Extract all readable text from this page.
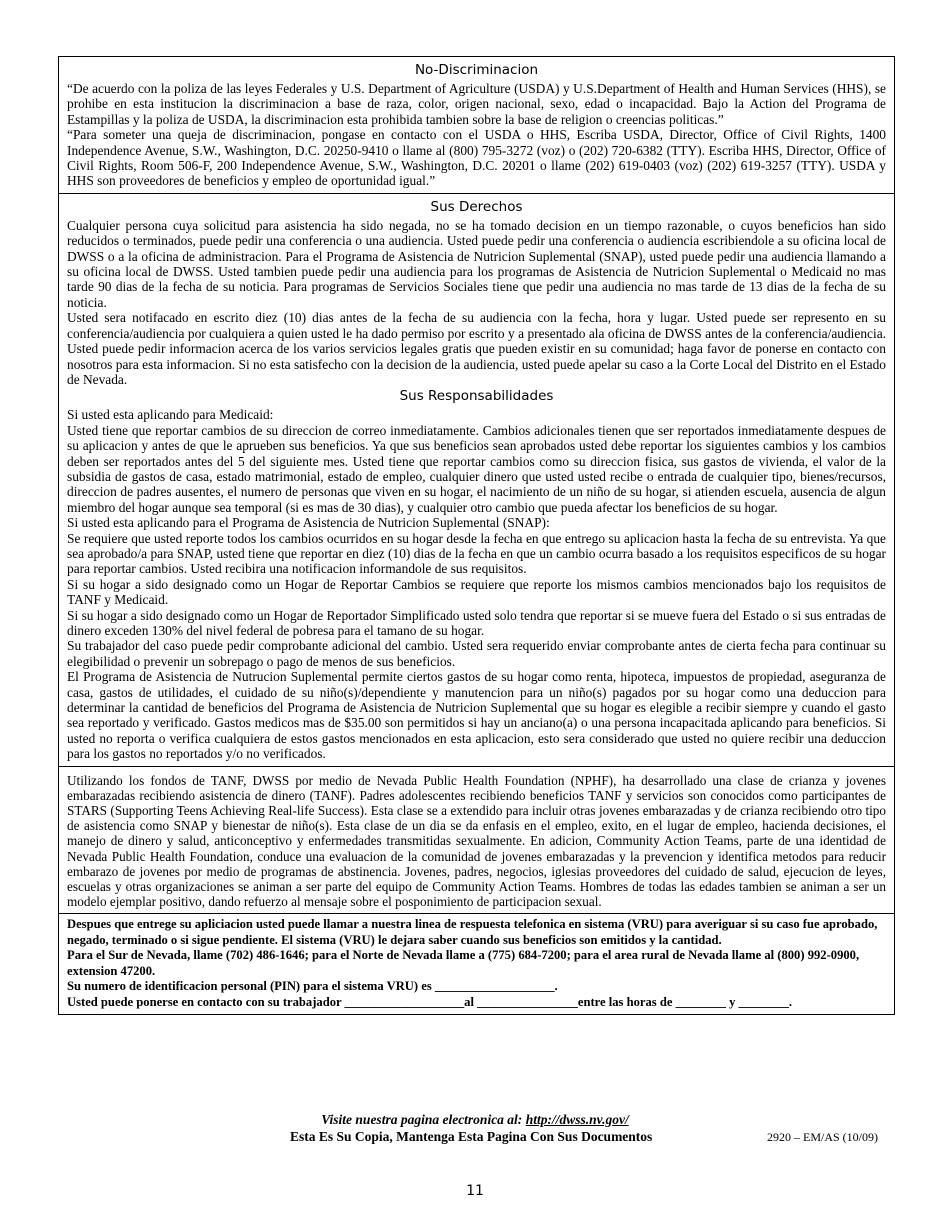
No-Discriminacion

“De acuerdo con la poliza de las leyes Federales y U.S. Department of Agriculture (USDA) y U.S.Department of Health and Human Services (HHS), se prohibe en esta institucion la discriminacion a base de raza, color, origen nacional, sexo, edad o incapacidad. Bajo la Action del Programa de Estampillas y la poliza de USDA, la discriminacion esta prohibida tambien sobre la base de religion o creencias politicas.”

“Para someter una queja de discriminacion, pongase en contacto con el USDA o HHS, Escriba USDA, Director, Office of Civil Rights, 1400 Independence Avenue, S.W., Washington, D.C. 20250-9410 o llame al (800) 795-3272 (voz) o (202) 720-6382 (TTY). Escriba HHS, Director, Office of Civil Rights, Room 506-F, 200 Independence Avenue, S.W., Washington, D.C. 20201 o llame (202) 619-0403 (voz) (202) 619-3257 (TTY). USDA y HHS son proveedores de beneficios y empleo de oportunidad igual.”

Sus Derechos

Cualquier persona cuya solicitud para asistencia ha sido negada, no se ha tomado decision en un tiempo razonable, o cuyos beneficios han sido reducidos o terminados, puede pedir una conferencia o una audiencia. Usted puede pedir una conferencia o audiencia escribiendole a su oficina local de DWSS o a la oficina de administracion. Para el Programa de Asistencia de Nutricion Suplemental (SNAP), usted puede pedir una audiencia llamando a su oficina local de DWSS. Usted tambien puede pedir una audiencia para los programas de Asistencia de Nutricion Suplemental o Medicaid no mas tarde 90 dias de la fecha de su noticia. Para programas de Servicios Sociales tiene que pedir una audiencia no mas tarde de 13 dias de la fecha de su noticia.

Usted sera notifacado en escrito diez (10) dias antes de la fecha de su audiencia con la fecha, hora y lugar. Usted puede ser represento en su conferencia/audiencia por cualquiera a quien usted le ha dado permiso por escrito y a presentado ala oficina de DWSS antes de la conferencia/audiencia. Usted puede pedir informacion acerca de los varios servicios legales gratis que pueden existir en su comunidad; haga favor de ponerse en contacto con nosotros para esta informacion. Si no esta satisfecho con la decision de la audiencia, usted puede apelar su caso a la Corte Local del Distrito en el Estado de Nevada.

Sus Responsabilidades

Si usted esta aplicando para Medicaid:

Usted tiene que reportar cambios de su direccion de correo inmediatamente. Cambios adicionales tienen que ser reportados inmediatamente despues de su aplicacion y antes de que le aprueben sus beneficios. Ya que sus beneficios sean aprobados usted debe reportar los siguientes cambios y los cambios deben ser reportados antes del 5 del siguiente mes. Usted tiene que reportar cambios como su direccion fisica, sus gastos de vivienda, el valor de la subsidia de gastos de casa, estado matrimonial, estado de empleo, cualquier dinero que usted usted recibe o entrada de cualquier tipo, bienes/recursos, direccion de padres ausentes, el numero de personas que viven en su hogar, el nacimiento de un niño de su hogar, si atienden escuela, ausencia de algun miembro del hogar aunque sea temporal (si es mas de 30 dias), y cualquier otro cambio que pueda afectar los beneficios de su hogar.

Si usted esta aplicando para el Programa de Asistencia de Nutricion Suplemental (SNAP):

Se requiere que usted reporte todos los cambios ocurridos en su hogar desde la fecha en que entrego su aplicacion hasta la fecha de su entrevista. Ya que sea aprobado/a para SNAP, usted tiene que reportar en diez (10) dias de la fecha en que un cambio ocurra basado a los requisitos especificos de su hogar para reportar cambios. Usted recibira una notificacion informandole de sus requisitos.

Si su hogar a sido designado como un Hogar de Reportar Cambios se requiere que reporte los mismos cambios mencionados bajo los requisitos de TANF y Medicaid.

Si su hogar a sido designado como un Hogar de Reportador Simplificado usted solo tendra que reportar si se mueve fuera del Estado o si sus entradas de dinero exceden 130% del nivel federal de pobresa para el tamano de su hogar.

Su trabajador del caso puede pedir comprobante adicional del cambio. Usted sera requerido enviar comprobante antes de cierta fecha para continuar su elegibilidad o prevenir un sobrepago o pago de menos de sus beneficios.

El Programa de Asistencia de Nutrucion Suplemental permite ciertos gastos de su hogar como renta, hipoteca, impuestos de propiedad, aseguranza de casa, gastos de utilidades, el cuidado de su niño(s)/dependiente y manutencion para un niño(s) pagados por su hogar como una deduccion para determinar la cantidad de beneficios del Programa de Asistencia de Nutricion Suplemental que su hogar es elegible a recibir siempre y cuando el gasto sea reportado y verificado. Gastos medicos mas de $35.00 son permitidos si hay un anciano(a) o una persona incapacitada aplicando para beneficios. Si usted no reporta o verifica cualquiera de estos gastos mencionados en esta aplicacion, esto sera considerado que usted no quiere recibir una deduccion para los gastos no reportados y/o no verificados.

Utilizando los fondos de TANF, DWSS por medio de Nevada Public Health Foundation (NPHF), ha desarrollado una clase de crianza y jovenes embarazadas recibiendo asistencia de dinero (TANF). Padres adolescentes recibiendo beneficios TANF y servicios son conocidos como participantes de STARS (Supporting Teens Achieving Real-life Success). Esta clase se a extendido para incluir otras jovenes embarazadas y de crianza recibiendo otro tipo de asistencia como SNAP y bienestar de niño(s). Esta clase de un dia se da enfasis en el empleo, exito, en el lugar de empleo, hacienda decisiones, el manejo de dinero y salud, anticonceptivo y enfermedades transmitidas sexualmente. En adicion, Community Action Teams, parte de una identidad de Nevada Public Health Foundation, conduce una evaluacion de la comunidad de jovenes embarazadas y la prevencion y identifica metodos para reducir embarazo de jovenes por medio de programas de abstinencia. Jovenes, padres, negocios, iglesias proveedores del cuidado de salud, ejecucion de leyes, escuelas y otras organizaciones se animan a ser parte del equipo de Community Action Teams. Hombres de todas las edades tambien se animan a ser un modelo ejemplar positivo, dando refuerzo al mensaje sobre el posponimiento de participacion sexual.

Despues que entrege su apliciacion usted puede llamar a nuestra linea de respuesta telefonica en sistema (VRU) para averiguar si su caso fue aprobado, negado, terminado o si sigue pendiente. El sistema (VRU) le dejara saber cuando sus beneficios son emitidos y la cantidad.

Para el Sur de Nevada, llame (702) 486-1646; para el Norte de Nevada llame a (775) 684-7200; para el area rural de Nevada llame al (800) 992-0900, extension 47200.

Su numero de identificacion personal (PIN) para el sistema VRU) es ___________________.

Usted puede ponerse en contacto con su trabajador ___________________al ________________entre las horas de ________ y ________.

Visite nuestra pagina electronica al: http://dwss.nv.gov/
Esta Es Su Copia, Mantenga Esta Pagina Con Sus Documentos	2920 – EM/AS (10/09)
11
